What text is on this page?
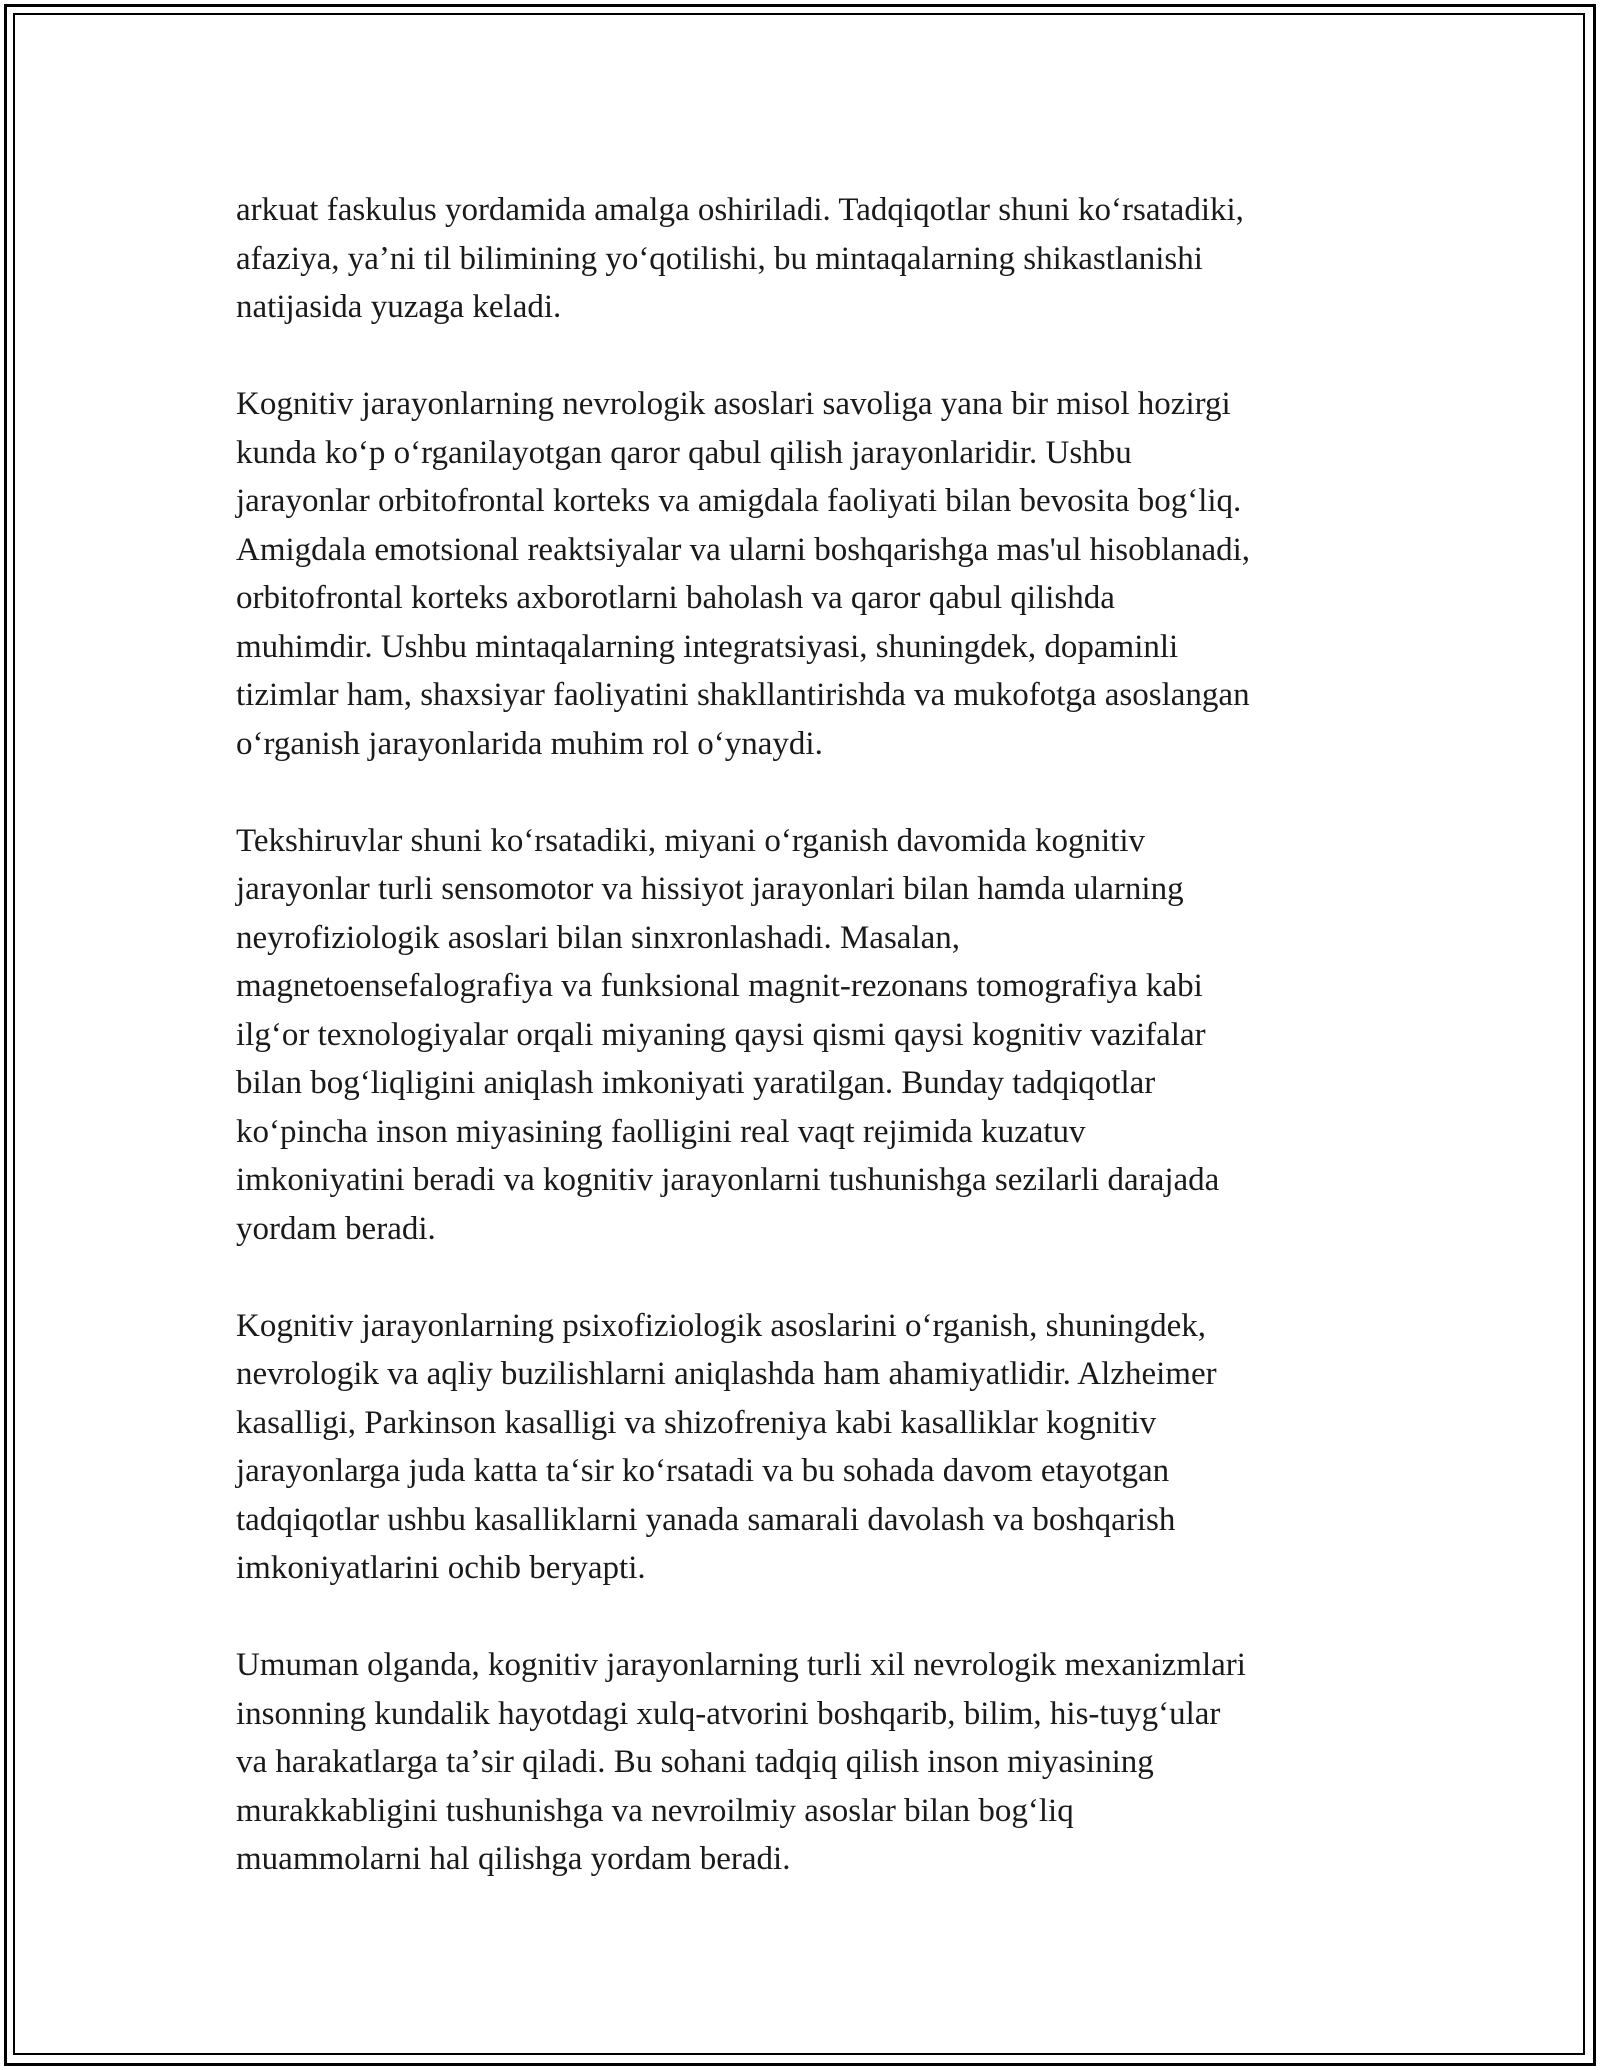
arkuat faskulus yordamida amalga oshiriladi. Tadqiqotlar shuni koʻrsatadiki,
afaziya, yaʼni til bilimining yoʻqotilishi, bu mintaqalarning shikastlanishi
natijasida yuzaga keladi.

Kognitiv jarayonlarning nevrologik asoslari savoliga yana bir misol hozirgi
kunda koʻp oʻrganilayotgan qaror qabul qilish jarayonlaridir. Ushbu
jarayonlar orbitofrontal korteks va amigdala faoliyati bilan bevosita bogʻliq.
Amigdala emotsional reaktsiyalar va ularni boshqarishga mas'ul hisoblanadi,
orbitofrontal korteks axborotlarni baholash va qaror qabul qilishda
muhimdir. Ushbu mintaqalarning integratsiyasi, shuningdek, dopaminli
tizimlar ham, shaxsiyar faoliyatini shakllantirishda va mukofotga asoslangan
oʻrganish jarayonlarida muhim rol oʻynaydi.

Tekshiruvlar shuni koʻrsatadiki, miyani oʻrganish davomida kognitiv
jarayonlar turli sensomotor va hissiyot jarayonlari bilan hamda ularning
neyrofiziologik asoslari bilan sinxronlashadi. Masalan,
magnetoensefalografiya va funksional magnit-rezonans tomografiya kabi
ilgʻor texnologiyalar orqali miyaning qaysi qismi qaysi kognitiv vazifalar
bilan bogʻliqligini aniqlash imkoniyati yaratilgan. Bunday tadqiqotlar
koʻpincha inson miyasining faolligini real vaqt rejimida kuzatuv
imkoniyatini beradi va kognitiv jarayonlarni tushunishga sezilarli darajada
yordam beradi.

Kognitiv jarayonlarning psixofiziologik asoslarini oʻrganish, shuningdek,
nevrologik va aqliy buzilishlarni aniqlashda ham ahamiyatlidir. Alzheimer
kasalligi, Parkinson kasalligi va shizofreniya kabi kasalliklar kognitiv
jarayonlarga juda katta taʻsir koʻrsatadi va bu sohada davom etayotgan
tadqiqotlar ushbu kasalliklarni yanada samarali davolash va boshqarish
imkoniyatlarini ochib beryapti.

Umuman olganda, kognitiv jarayonlarning turli xil nevrologik mexanizmlari
insonning kundalik hayotdagi xulq-atvorini boshqarib, bilim, his-tuygʻular
va harakatlarga taʼsir qiladi. Bu sohani tadqiq qilish inson miyasining
murakkabligini tushunishga va nevroilmiy asoslar bilan bogʻliq
muammolarni hal qilishga yordam beradi.
